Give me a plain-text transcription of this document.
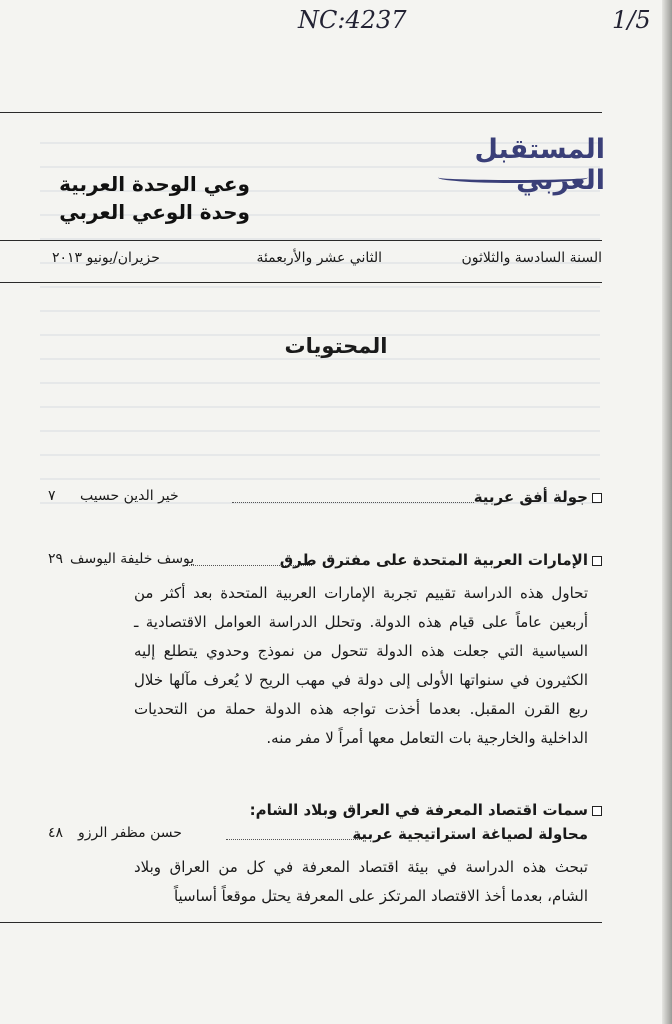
NC:4237	1/5
المستقبل العربي
وعي الوحدة العربية
وحدة الوعي العربي
السنة السادسة والثلاثون
الثاني عشر والأربعمئة
حزيران/يونيو ٢٠١٣
المحتويات
جولة أفق عربية
خير الدين حسيب
٧
الإمارات العربية المتحدة على مفترق طرق
يوسف خليفة اليوسف
٢٩
تحاول هذه الدراسة تقييم تجربة الإمارات العربية المتحدة بعد أكثر من أربعين عاماً على قيام هذه الدولة. وتحلل الدراسة العوامل الاقتصادية ـ السياسية التي جعلت هذه الدولة تتحول من نموذج وحدوي يتطلع إليه الكثيرون في سنواتها الأولى إلى دولة في مهب الريح لا يُعرف مآلها خلال ربع القرن المقبل. بعدما أخذت تواجه هذه الدولة حملة من التحديات الداخلية والخارجية بات التعامل معها أمراً لا مفر منه.
سمات اقتصاد المعرفة في العراق وبلاد الشام:
محاولة لصياغة استراتيجية عربية
حسن مظفر الرزو
٤٨
تبحث هذه الدراسة في بيئة اقتصاد المعرفة في كل من العراق وبلاد الشام، بعدما أخذ الاقتصاد المرتكز على المعرفة يحتل موقعاً أساسياً
